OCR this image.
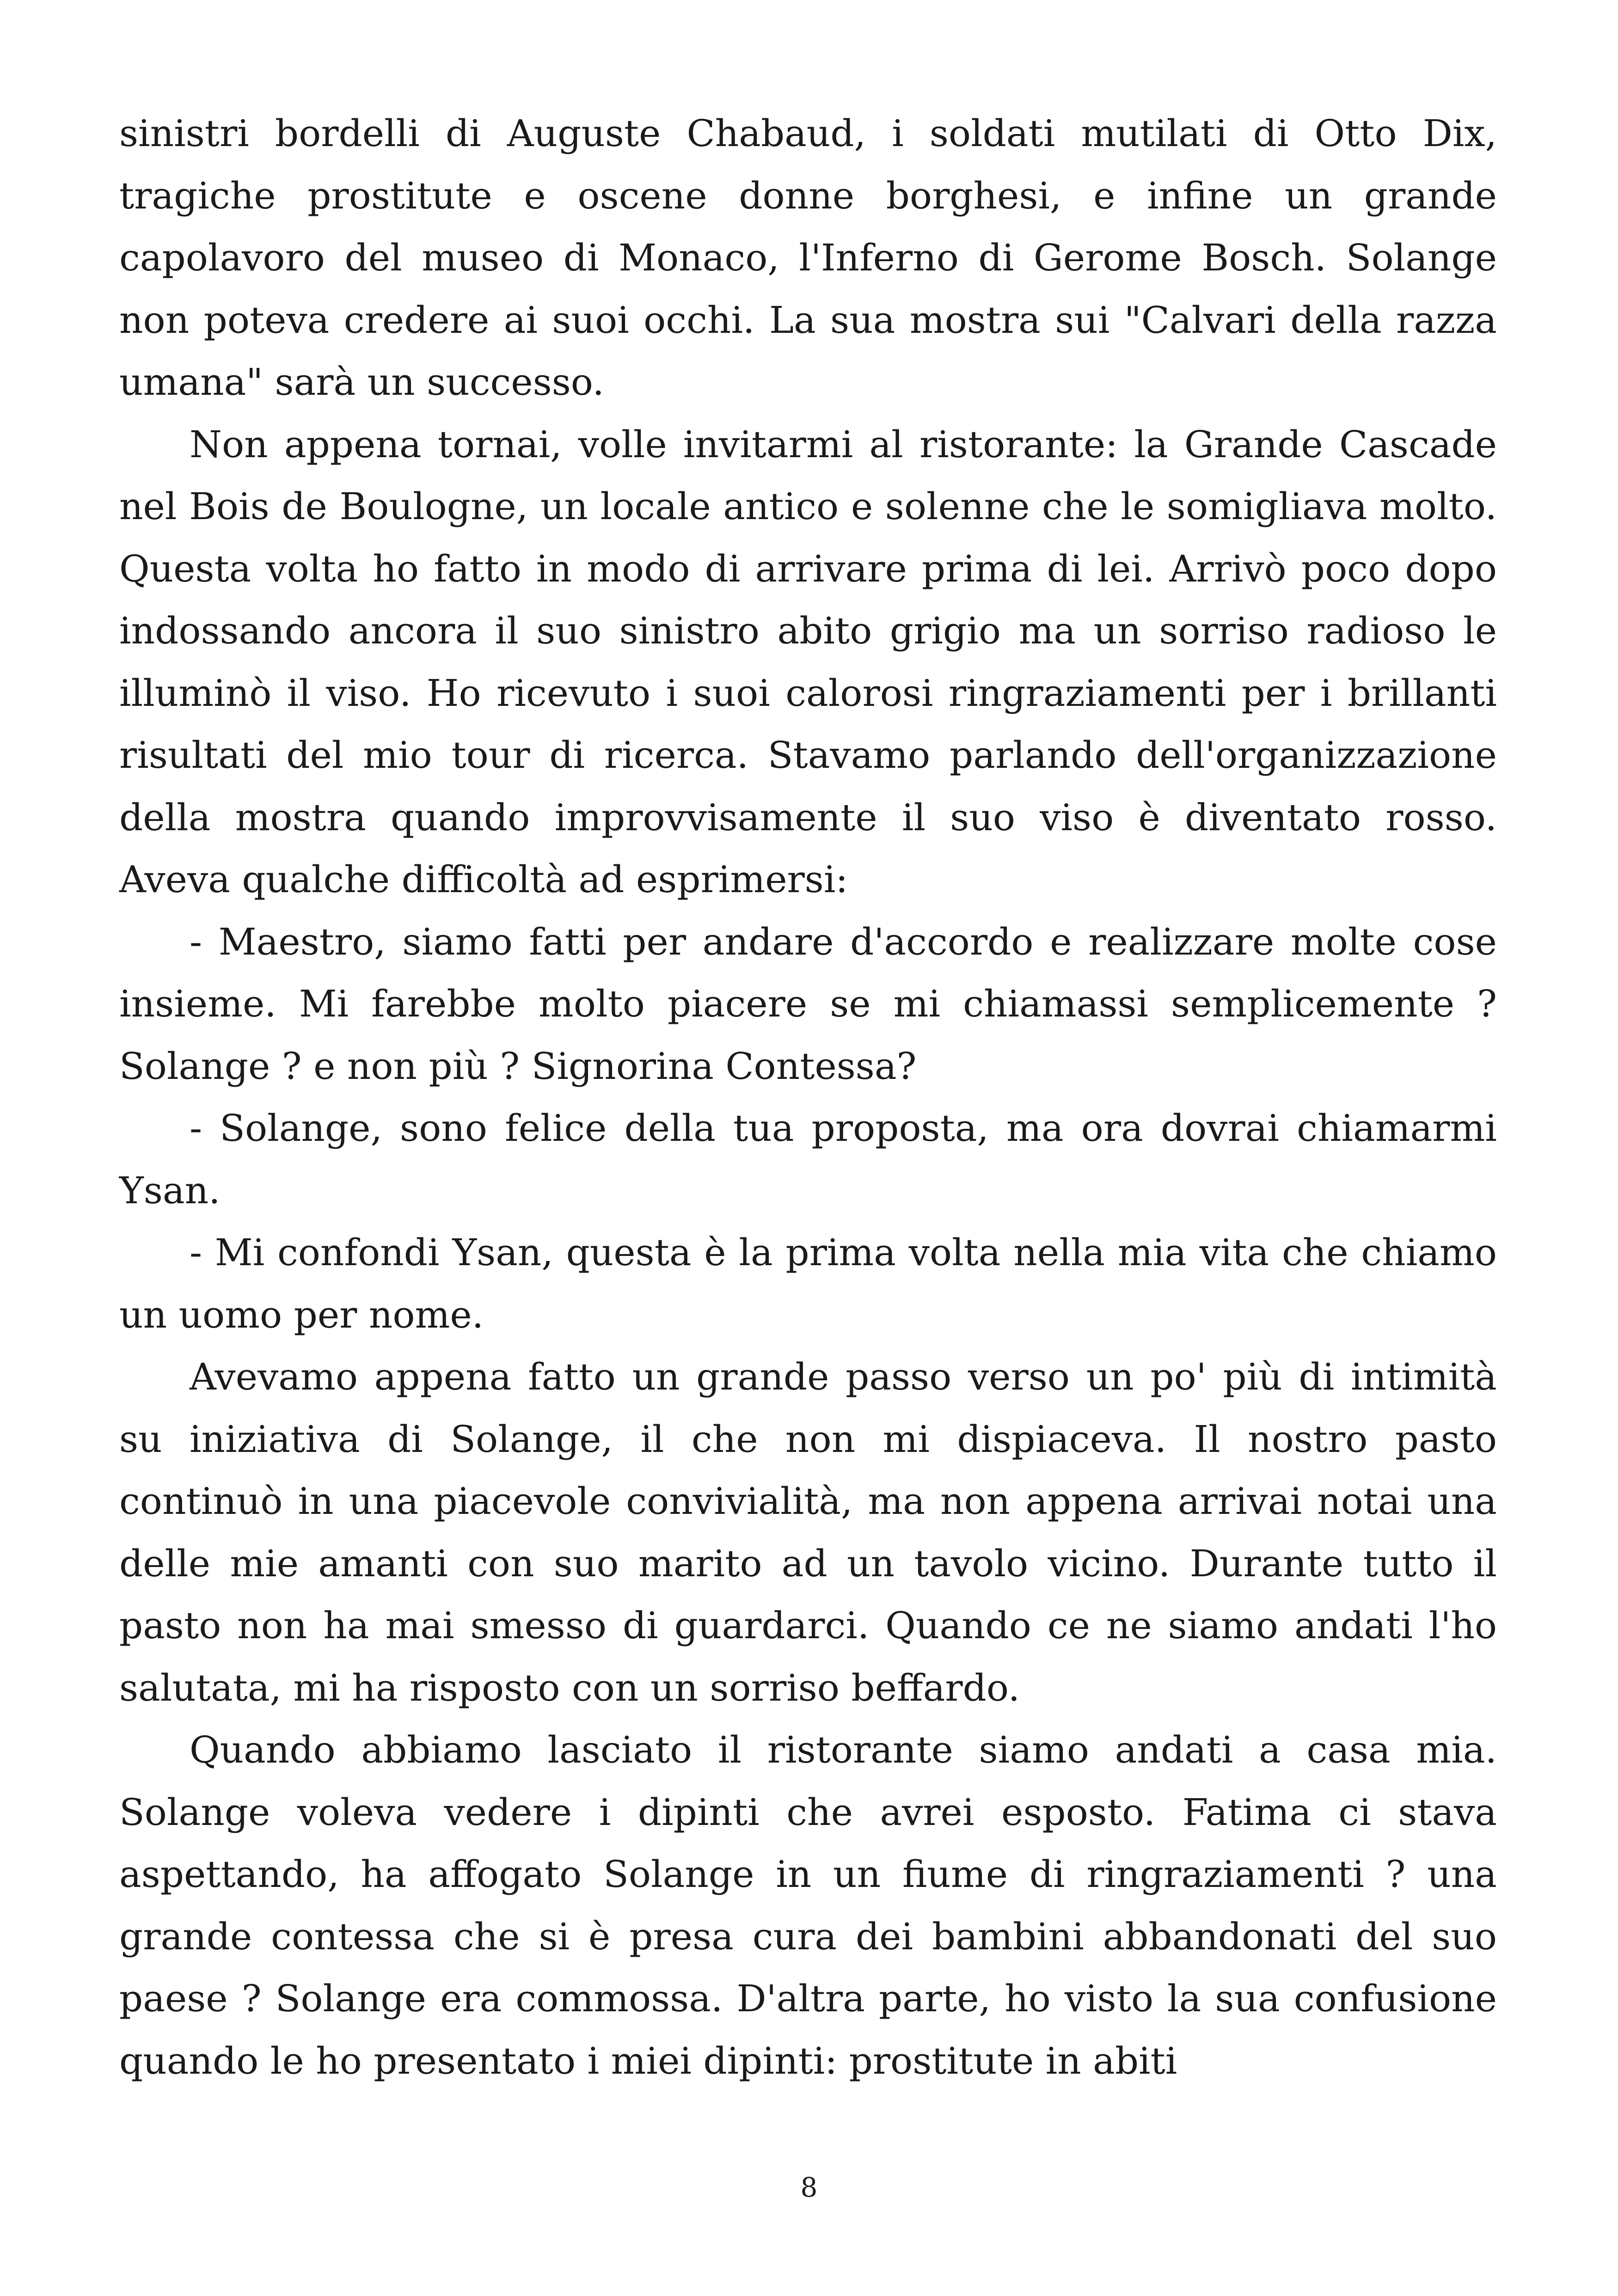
sinistri bordelli di Auguste Chabaud, i soldati mutilati di Otto Dix, tragiche prostitute e oscene donne borghesi, e infine un grande capolavoro del museo di Monaco, l'Inferno di Gerome Bosch. Solange non poteva credere ai suoi occhi. La sua mostra sui "Calvari della razza umana" sarà un successo.

Non appena tornai, volle invitarmi al ristorante: la Grande Cascade nel Bois de Boulogne, un locale antico e solenne che le somigliava molto. Questa volta ho fatto in modo di arrivare prima di lei. Arrivò poco dopo indossando ancora il suo sinistro abito grigio ma un sorriso radioso le illuminò il viso. Ho ricevuto i suoi calorosi ringraziamenti per i brillanti risultati del mio tour di ricerca. Stavamo parlando dell'organizzazione della mostra quando improvvisamente il suo viso è diventato rosso. Aveva qualche difficoltà ad esprimersi:

- Maestro, siamo fatti per andare d'accordo e realizzare molte cose insieme. Mi farebbe molto piacere se mi chiamassi semplicemente ? Solange ? e non più ? Signorina Contessa?

- Solange, sono felice della tua proposta, ma ora dovrai chiamarmi Ysan.

- Mi confondi Ysan, questa è la prima volta nella mia vita che chiamo un uomo per nome.

Avevamo appena fatto un grande passo verso un po' più di intimità su iniziativa di Solange, il che non mi dispiaceva. Il nostro pasto continuò in una piacevole convivialità, ma non appena arrivai notai una delle mie amanti con suo marito ad un tavolo vicino. Durante tutto il pasto non ha mai smesso di guardarci. Quando ce ne siamo andati l'ho salutata, mi ha risposto con un sorriso beffardo.

Quando abbiamo lasciato il ristorante siamo andati a casa mia. Solange voleva vedere i dipinti che avrei esposto. Fatima ci stava aspettando, ha affogato Solange in un fiume di ringraziamenti ? una grande contessa che si è presa cura dei bambini abbandonati del suo paese ? Solange era commossa. D'altra parte, ho visto la sua confusione quando le ho presentato i miei dipinti: prostitute in abiti

8
